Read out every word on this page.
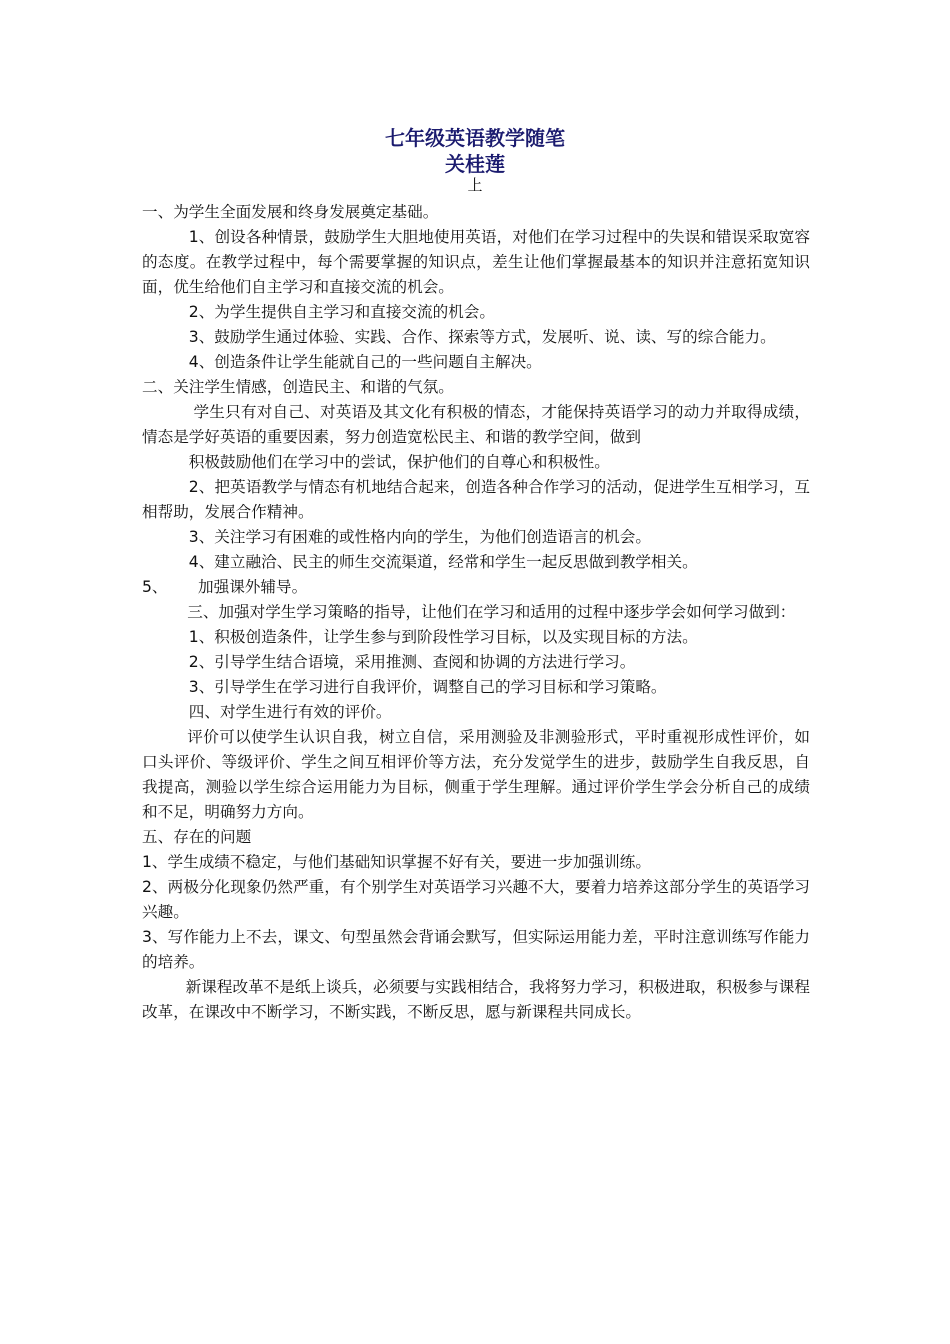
七年级英语教学随笔
关桂莲
上

一、为学生全面发展和终身发展奠定基础。

1、创设各种情景，鼓励学生大胆地使用英语，对他们在学习过程中的失误和错误采取宽容的态度。在教学过程中，每个需要掌握的知识点，差生让他们掌握最基本的知识并注意拓宽知识面，优生给他们自主学习和直接交流的机会。

2、为学生提供自主学习和直接交流的机会。

3、鼓励学生通过体验、实践、合作、探索等方式，发展听、说、读、写的综合能力。

4、创造条件让学生能就自己的一些问题自主解决。

二、关注学生情感，创造民主、和谐的气氛。

学生只有对自己、对英语及其文化有积极的情态，才能保持英语学习的动力并取得成绩，情态是学好英语的重要因素，努力创造宽松民主、和谐的教学空间，做到

积极鼓励他们在学习中的尝试，保护他们的自尊心和积极性。

2、把英语教学与情态有机地结合起来，创造各种合作学习的活动，促进学生互相学习，互相帮助，发展合作精神。

3、关注学习有困难的或性格内向的学生，为他们创造语言的机会。

4、建立融洽、民主的师生交流渠道，经常和学生一起反思做到教学相关。

5、 加强课外辅导。

三、加强对学生学习策略的指导，让他们在学习和适用的过程中逐步学会如何学习做到：

1、积极创造条件，让学生参与到阶段性学习目标，以及实现目标的方法。

2、引导学生结合语境，采用推测、查阅和协调的方法进行学习。

3、引导学生在学习进行自我评价，调整自己的学习目标和学习策略。

四、对学生进行有效的评价。

评价可以使学生认识自我，树立自信，采用测验及非测验形式，平时重视形成性评价，如口头评价、等级评价、学生之间互相评价等方法，充分发觉学生的进步，鼓励学生自我反思，自我提高，测验以学生综合运用能力为目标，侧重于学生理解。通过评价学生学会分析自己的成绩和不足，明确努力方向。

五、存在的问题

1、学生成绩不稳定，与他们基础知识掌握不好有关，要进一步加强训练。

2、两极分化现象仍然严重，有个别学生对英语学习兴趣不大，要着力培养这部分学生的英语学习兴趣。

3、写作能力上不去，课文、句型虽然会背诵会默写，但实际运用能力差，平时注意训练写作能力的培养。

新课程改革不是纸上谈兵，必须要与实践相结合，我将努力学习，积极进取，积极参与课程改革，在课改中不断学习，不断实践，不断反思，愿与新课程共同成长。
